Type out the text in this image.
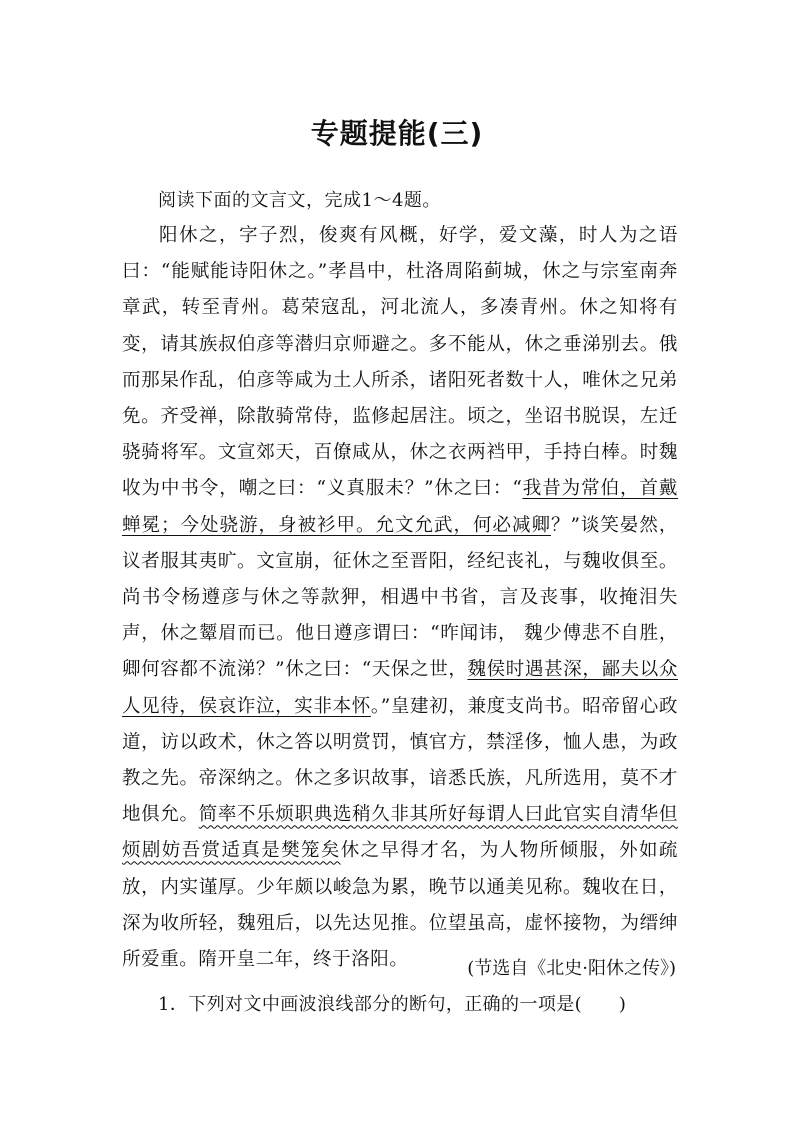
专题提能(三)
阅读下面的文言文，完成1～4题。

阳休之，字子烈，俊爽有风概，好学，爱文藻，时人为之语曰：“能赋能诗阳休之。”孝昌中，杜洛周陷蓟城，休之与宗室南奔章武，转至青州。葛荣寇乱，河北流人，多凑青州。休之知将有变，请其族叔伯彦等潜归京师避之。多不能从，休之垂涕别去。俄而那杲作乱，伯彦等咸为土人所杀，诸阳死者数十人，唯休之兄弟免。齐受禅，除散骑常侍，监修起居注。顷之，坐诏书脱误，左迁骁骑将军。文宣郊天，百僚咸从，休之衣两裆甲，手持白棒。时魏收为中书令，嘲之曰：“义真服未？”休之曰：“我昔为常伯，首戴蝉冕；今处骁游，身被衫甲。允文允武，何必减卿？”谈笑晏然，议者服其夷旷。文宣崩，征休之至晋阳，经纪丧礼，与魏收俱至。尚书令杨遵彦与休之等款狎，相遇中书省，言及丧事，收掩泪失声，休之颦眉而已。他日遵彦谓曰：“昨闻讳， 魏少傅悲不自胜，卿何容都不流涕？”休之曰：“天保之世，魏侯时遇甚深，鄙夫以众人见待，侯哀诈泣，实非本怀。”皇建初，兼度支尚书。昭帝留心政道，访以政术，休之答以明赏罚，慎官方，禁淫侈，恤人患，为政教之先。帝深纳之。休之多识故事，谙悉氏族，凡所选用，莫不才地俱允。简率不乐烦职典选稍久非其所好每谓人曰此官实自清华但烦剧妨吾赏适真是樊笼矣休之早得才名，为人物所倾服，外如疏放，内实谨厚。少年颇以峻急为累，晚节以通美见称。魏收在日，深为收所轻，魏殂后，以先达见推。位望虽高，虚怀接物，为缙绅所爱重。隋开皇二年，终于洛阳。	(节选自《北史·阳休之传》)
1．下列对文中画波浪线部分的断句，正确的一项是(　　)
